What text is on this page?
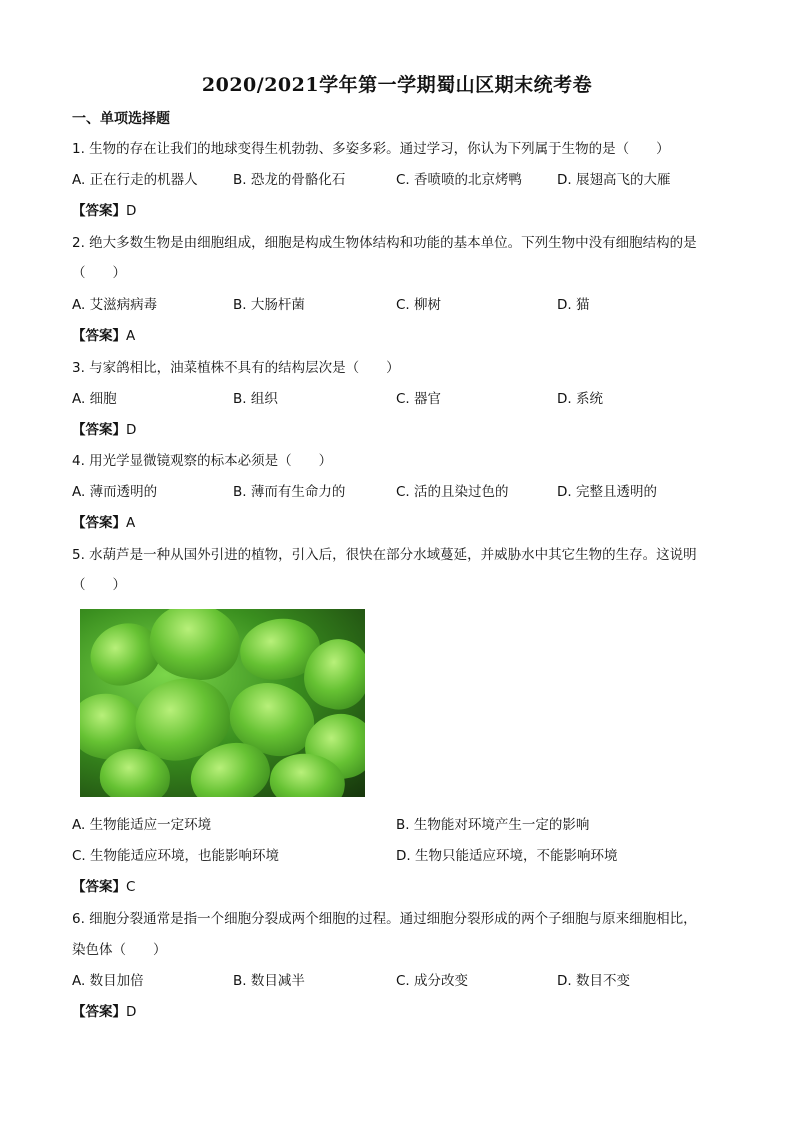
2020/2021学年第一学期蜀山区期末统考卷
一、单项选择题
1. 生物的存在让我们的地球变得生机勃勃、多姿多彩。通过学习，你认为下列属于生物的是（　　）
A. 正在行走的机器人	B. 恐龙的骨骼化石	C. 香喷喷的北京烤鸭	D. 展翅高飞的大雁
【答案】D
2. 绝大多数生物是由细胞组成，细胞是构成生物体结构和功能的基本单位。下列生物中没有细胞结构的是
（　　）
A. 艾滋病病毒	B. 大肠杆菌	C. 柳树	D. 猫
【答案】A
3. 与家鸽相比，油菜植株不具有的结构层次是（　　）
A. 细胞	B. 组织	C. 器官	D. 系统
【答案】D
4. 用光学显微镜观察的标本必须是（　　）
A. 薄而透明的	B. 薄而有生命力的	C. 活的且染过色的	D. 完整且透明的
【答案】A
5. 水葫芦是一种从国外引进的植物，引入后，很快在部分水域蔓延，并威胁水中其它生物的生存。这说明
（　　）
A. 生物能适应一定环境	B. 生物能对环境产生一定的影响
C. 生物能适应环境，也能影响环境	D. 生物只能适应环境，不能影响环境
【答案】C
6. 细胞分裂通常是指一个细胞分裂成两个细胞的过程。通过细胞分裂形成的两个子细胞与原来细胞相比，
染色体（　　）
A. 数目加倍	B. 数目减半	C. 成分改变	D. 数目不变
【答案】D
